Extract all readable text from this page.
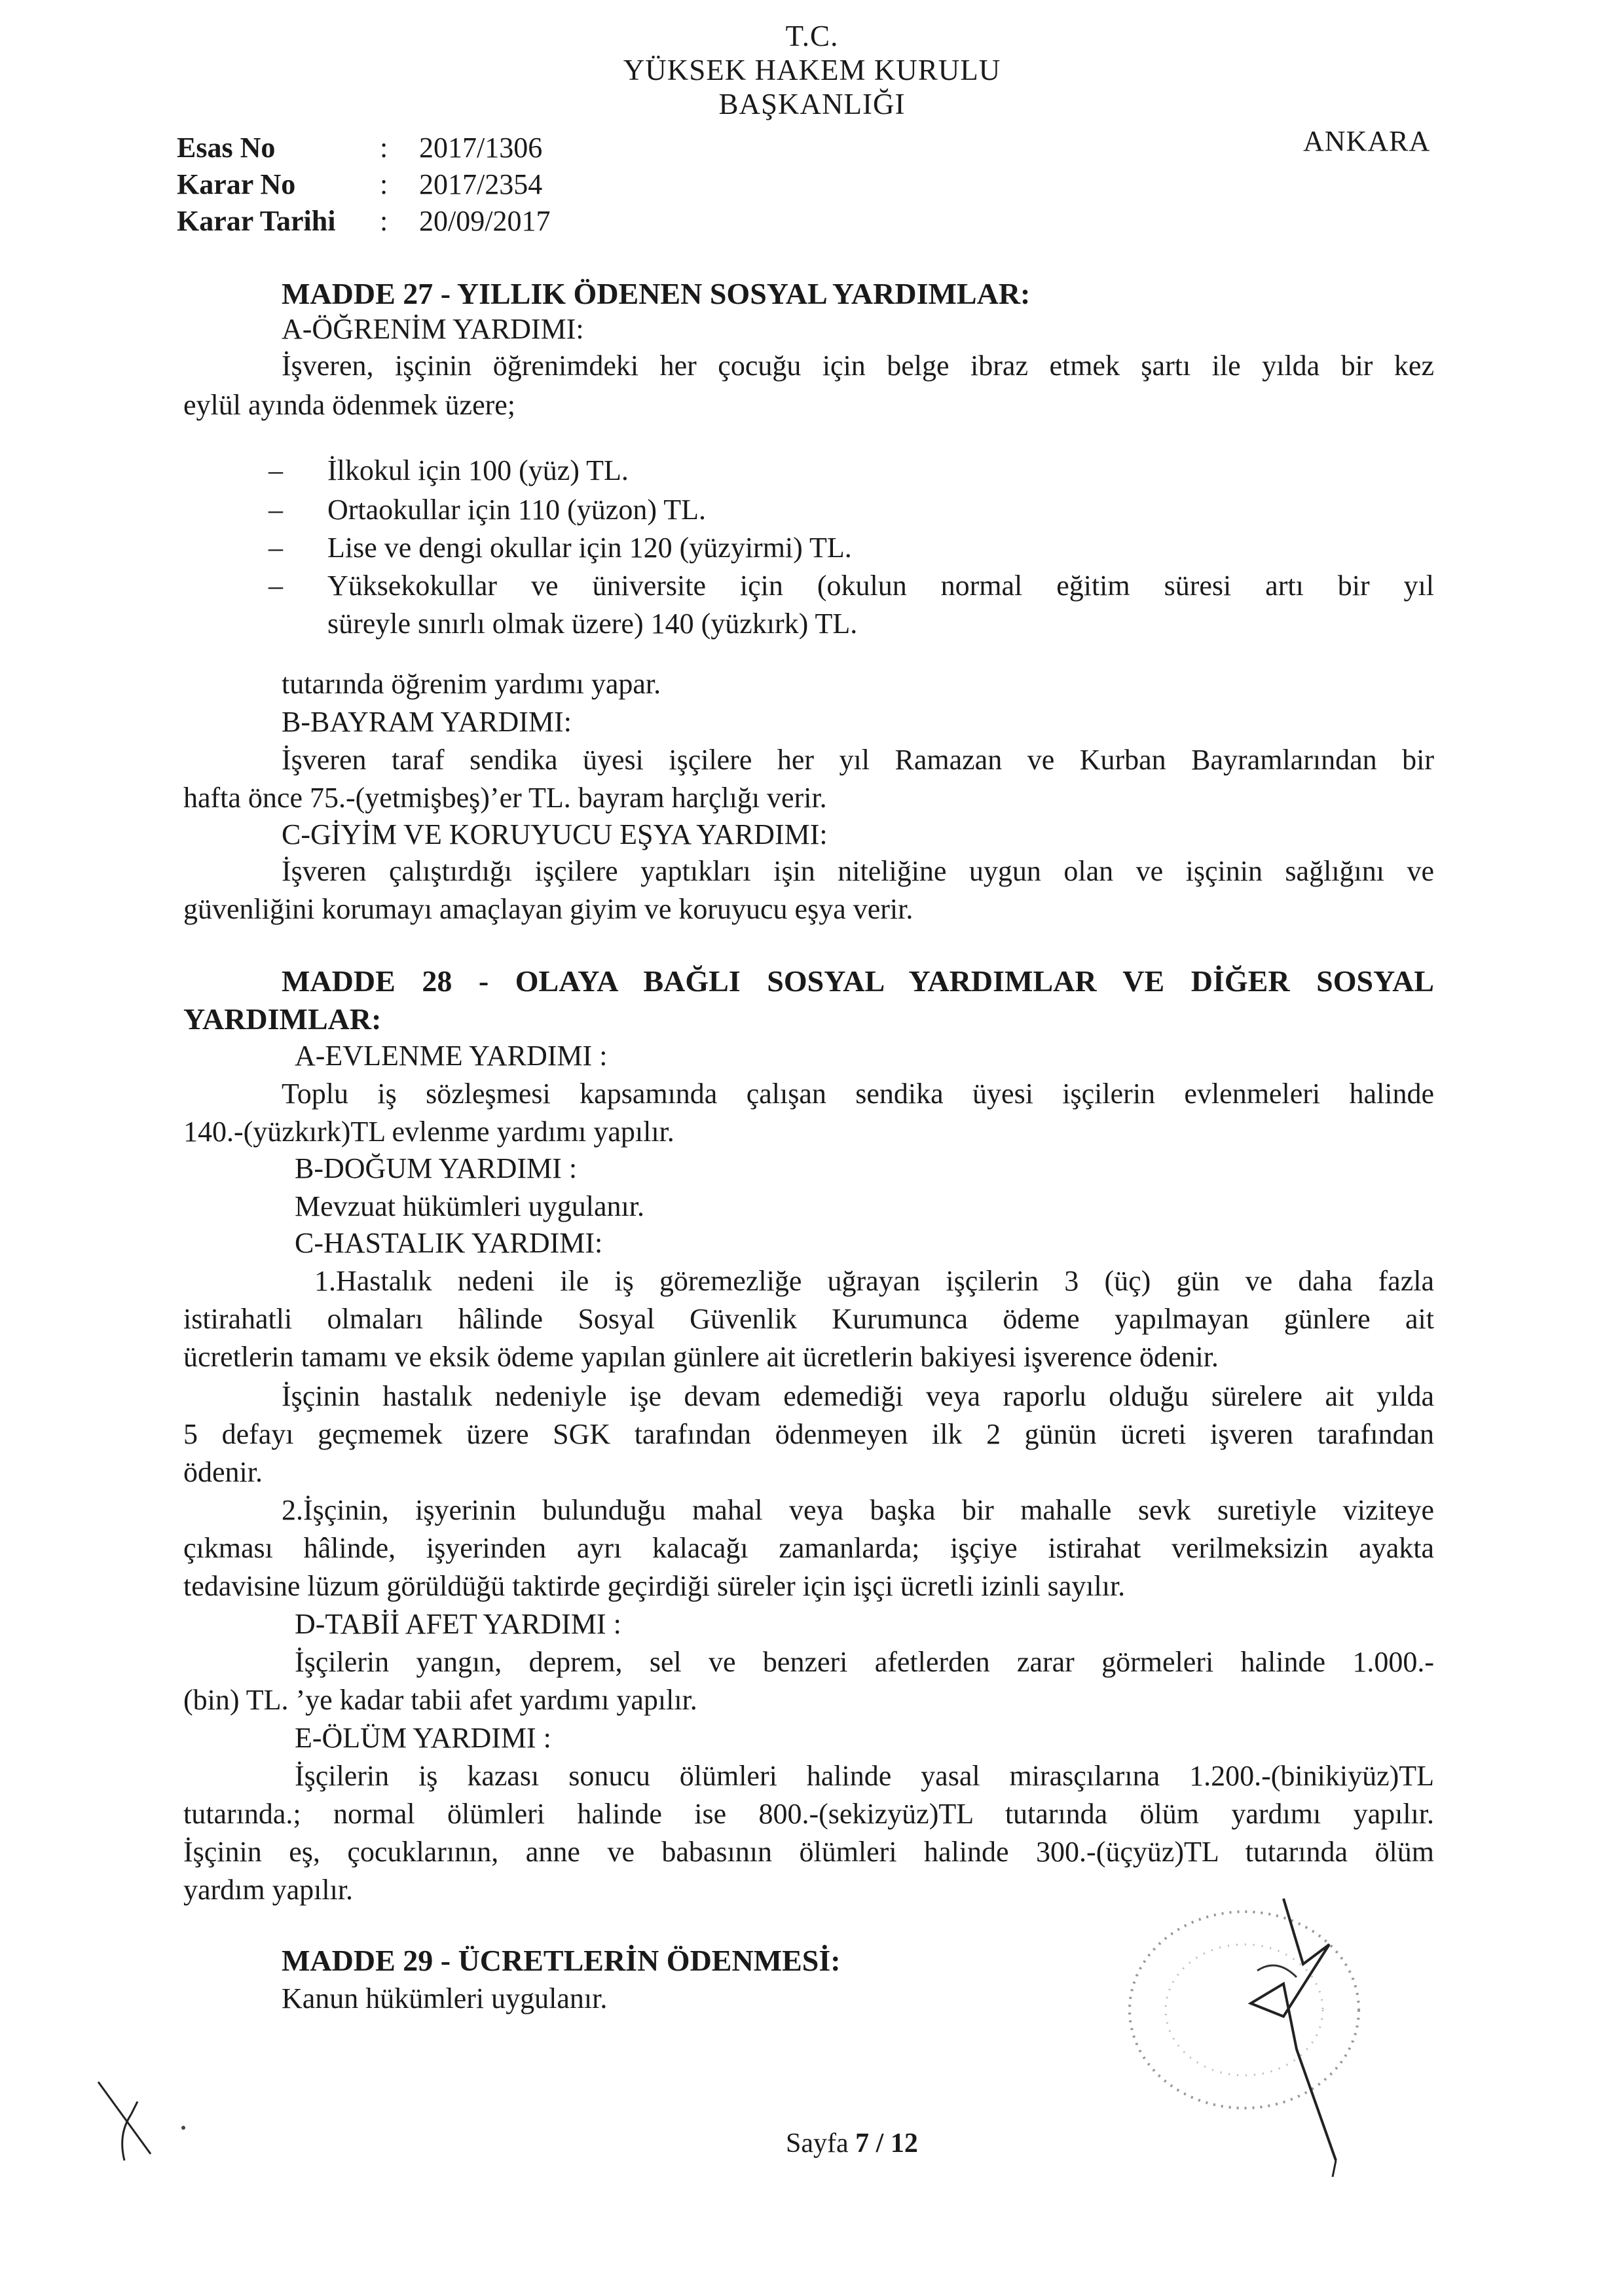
T.C.
YÜKSEK HAKEM KURULU
BAŞKANLIĞI
ANKARA
Esas No	: 2017/1306
Karar No	: 2017/2354
Karar Tarihi : 20/09/2017
MADDE 27 - YILLIK ÖDENEN SOSYAL YARDIMLAR:
A-ÖĞRENİM YARDIMI:
İşveren, işçinin öğrenimdeki her çocuğu için belge ibraz etmek şartı ile yılda bir kez
eylül ayında ödenmek üzere;
– İlkokul için 100 (yüz) TL.
– Ortaokullar için 110 (yüzon) TL.
– Lise ve dengi okullar için 120 (yüzyirmi) TL.
– Yüksekokullar ve üniversite için (okulun normal eğitim süresi artı bir yıl
süreyle sınırlı olmak üzere) 140 (yüzkırk) TL.
tutarında öğrenim yardımı yapar.
B-BAYRAM YARDIMI:
İşveren taraf sendika üyesi işçilere her yıl Ramazan ve Kurban Bayramlarından bir
hafta önce 75.-(yetmişbeş)’er TL. bayram harçlığı verir.
C-GİYİM VE KORUYUCU EŞYA YARDIMI:
İşveren çalıştırdığı işçilere yaptıkları işin niteliğine uygun olan ve işçinin sağlığını ve
güvenliğini korumayı amaçlayan giyim ve koruyucu eşya verir.
MADDE 28 - OLAYA BAĞLI SOSYAL YARDIMLAR VE DİĞER SOSYAL
YARDIMLAR:
A-EVLENME YARDIMI :
Toplu iş sözleşmesi kapsamında çalışan sendika üyesi işçilerin evlenmeleri halinde
140.-(yüzkırk)TL evlenme yardımı yapılır.
B-DOĞUM YARDIMI :
Mevzuat hükümleri uygulanır.
C-HASTALIK YARDIMI:
1.Hastalık nedeni ile iş göremezliğe uğrayan işçilerin 3 (üç) gün ve daha fazla
istirahatli olmaları hâlinde Sosyal Güvenlik Kurumunca ödeme yapılmayan günlere ait
ücretlerin tamamı ve eksik ödeme yapılan günlere ait ücretlerin bakiyesi işverence ödenir.
İşçinin hastalık nedeniyle işe devam edemediği veya raporlu olduğu sürelere ait yılda
5 defayı geçmemek üzere SGK tarafından ödenmeyen ilk 2 günün ücreti işveren tarafından
ödenir.
2.İşçinin, işyerinin bulunduğu mahal veya başka bir mahalle sevk suretiyle viziteye
çıkması hâlinde, işyerinden ayrı kalacağı zamanlarda; işçiye istirahat verilmeksizin ayakta
tedavisine lüzum görüldüğü taktirde geçirdiği süreler için işçi ücretli izinli sayılır.
D-TABİİ AFET YARDIMI :
İşçilerin yangın, deprem, sel ve benzeri afetlerden zarar görmeleri halinde 1.000.-
(bin) TL. ’ye kadar tabii afet yardımı yapılır.
E-ÖLÜM YARDIMI :
İşçilerin iş kazası sonucu ölümleri halinde yasal mirasçılarına 1.200.-(binikiyüz)TL
tutarında.; normal ölümleri halinde ise 800.-(sekizyüz)TL tutarında ölüm yardımı yapılır.
İşçinin eş, çocuklarının, anne ve babasının ölümleri halinde 300.-(üçyüz)TL tutarında ölüm
yardım yapılır.
MADDE 29 - ÜCRETLERİN ÖDENMESİ:
Kanun hükümleri uygulanır.
Sayfa 7 / 12
